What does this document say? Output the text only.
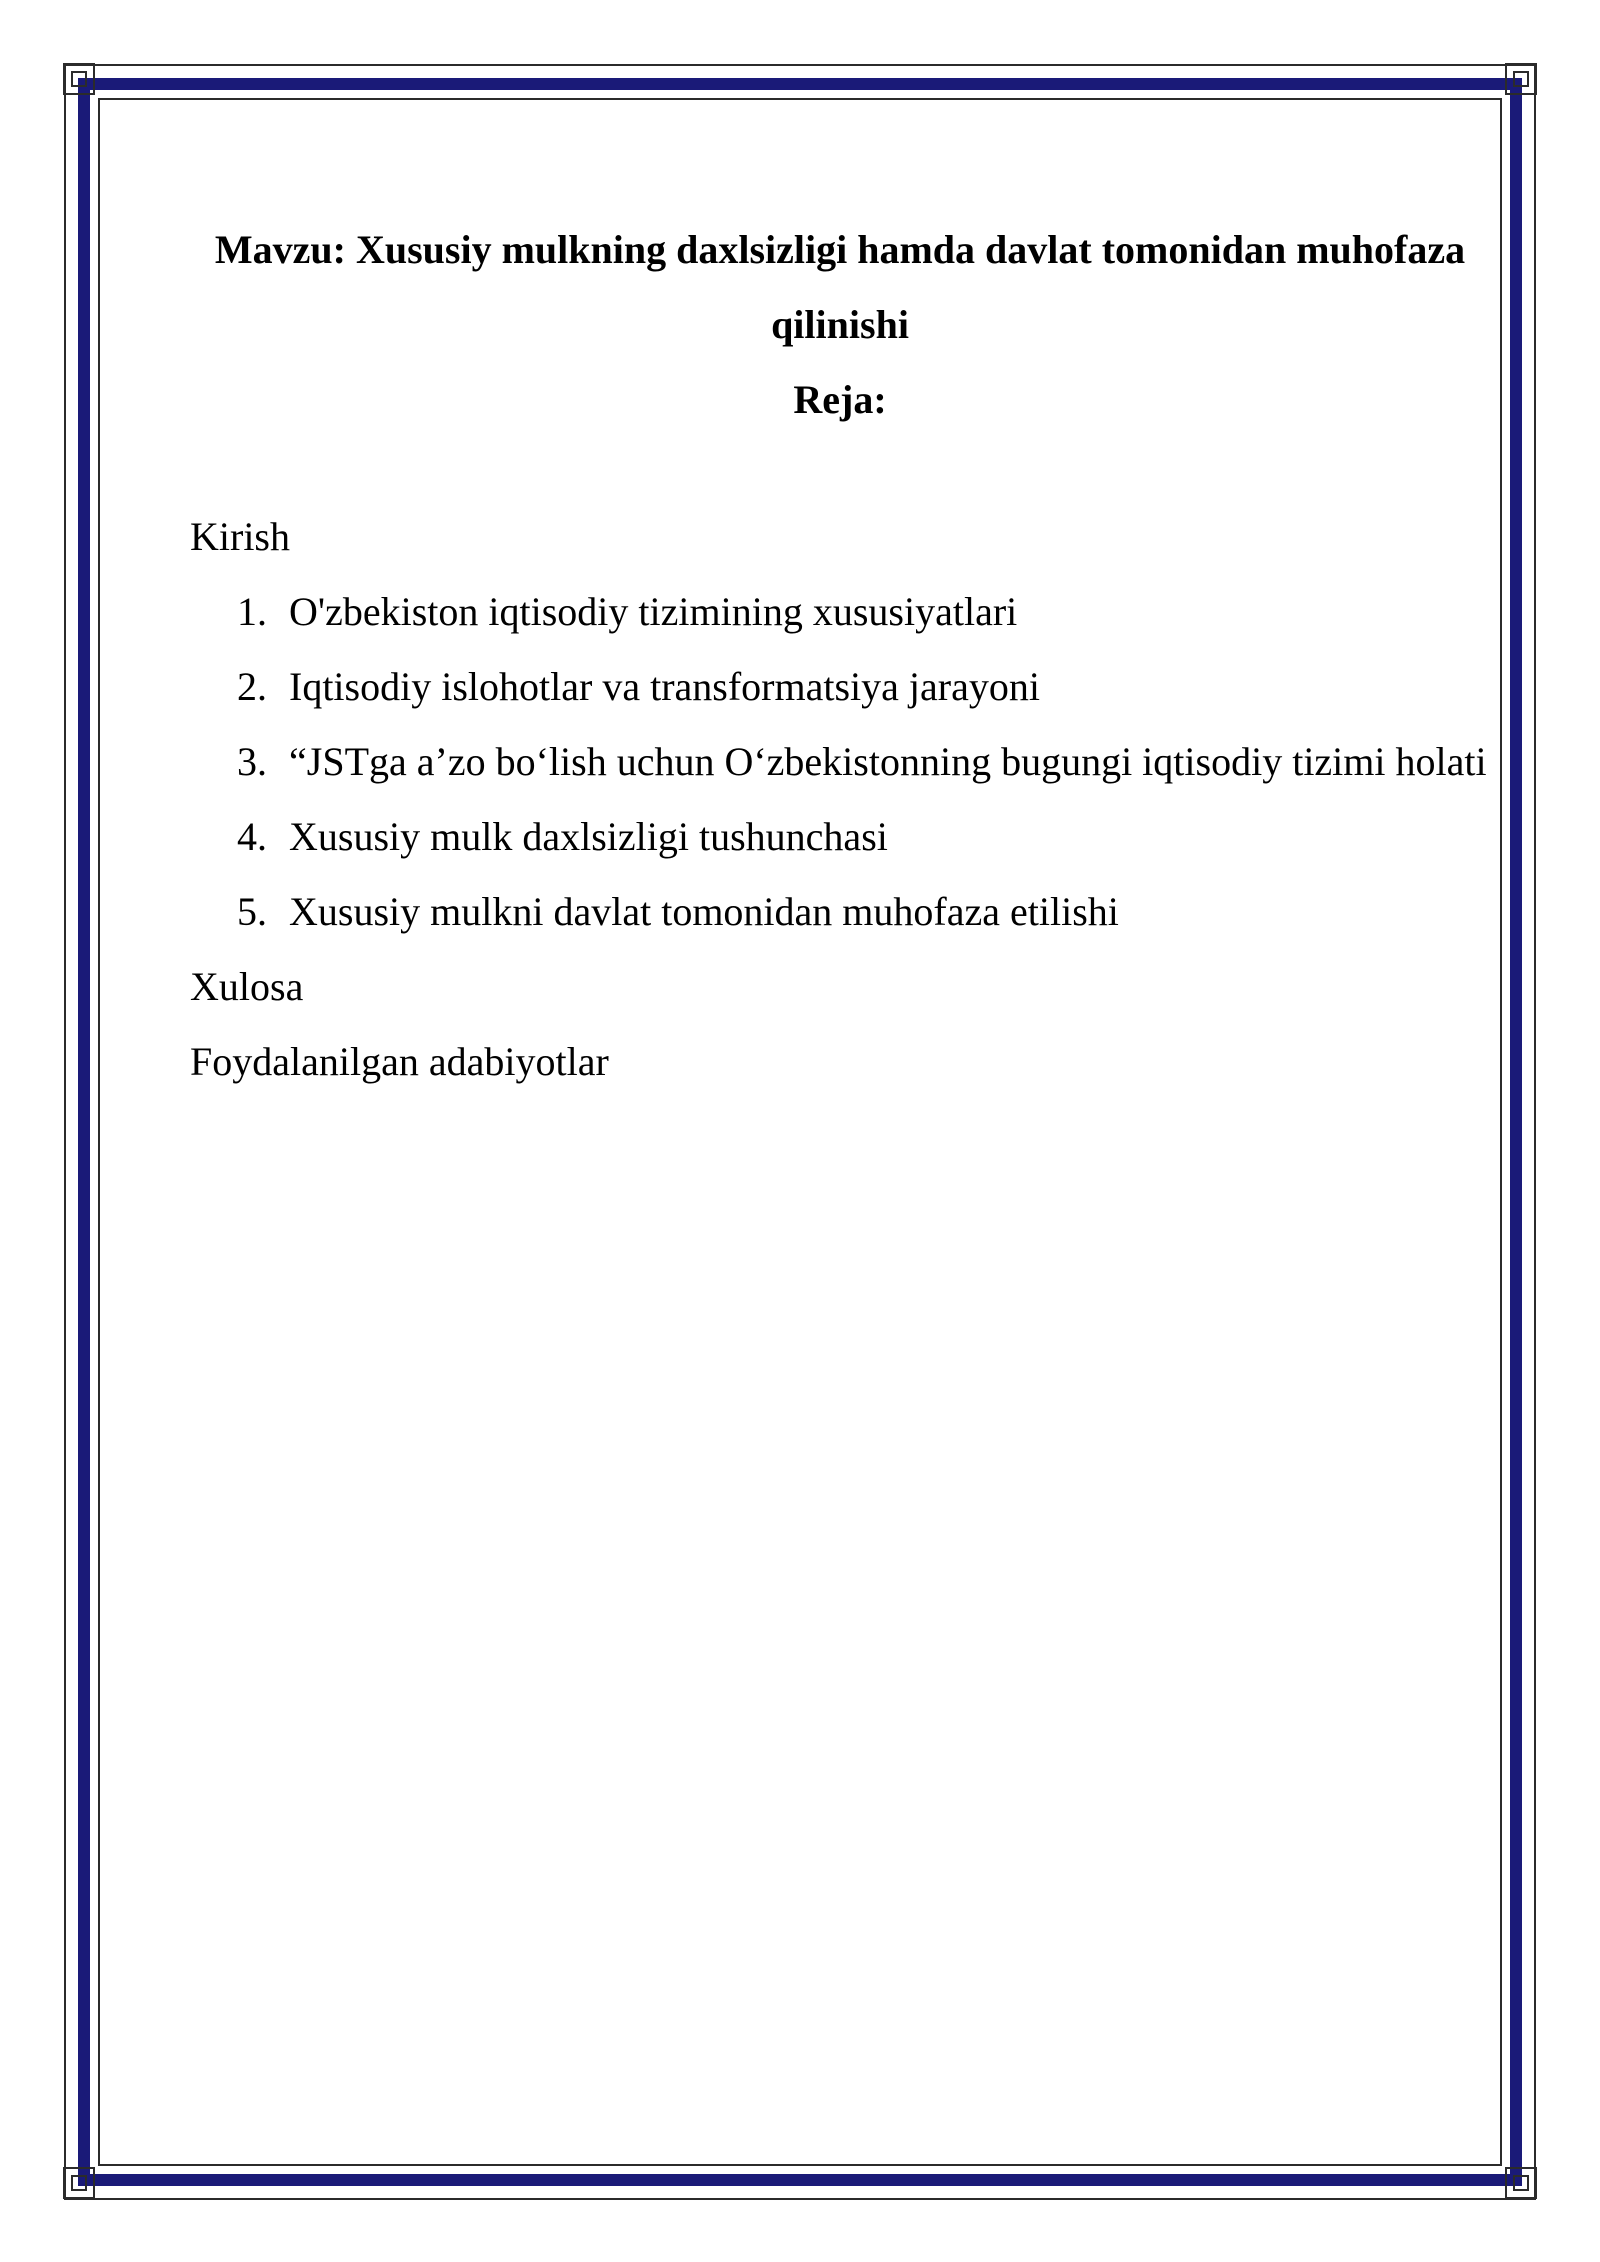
Mavzu: Xususiy mulkning daxlsizligi hamda davlat tomonidan muhofaza qilinishi

Reja:

Kirish

1. O'zbekiston iqtisodiy tizimining xususiyatlari
2. Iqtisodiy islohotlar va transformatsiya jarayoni
3. “JSTga a’zo bo‘lish uchun O‘zbekistonning bugungi iqtisodiy tizimi holati
4. Xususiy mulk daxlsizligi tushunchasi
5. Xususiy mulkni davlat tomonidan muhofaza etilishi

Xulosa

Foydalanilgan adabiyotlar
